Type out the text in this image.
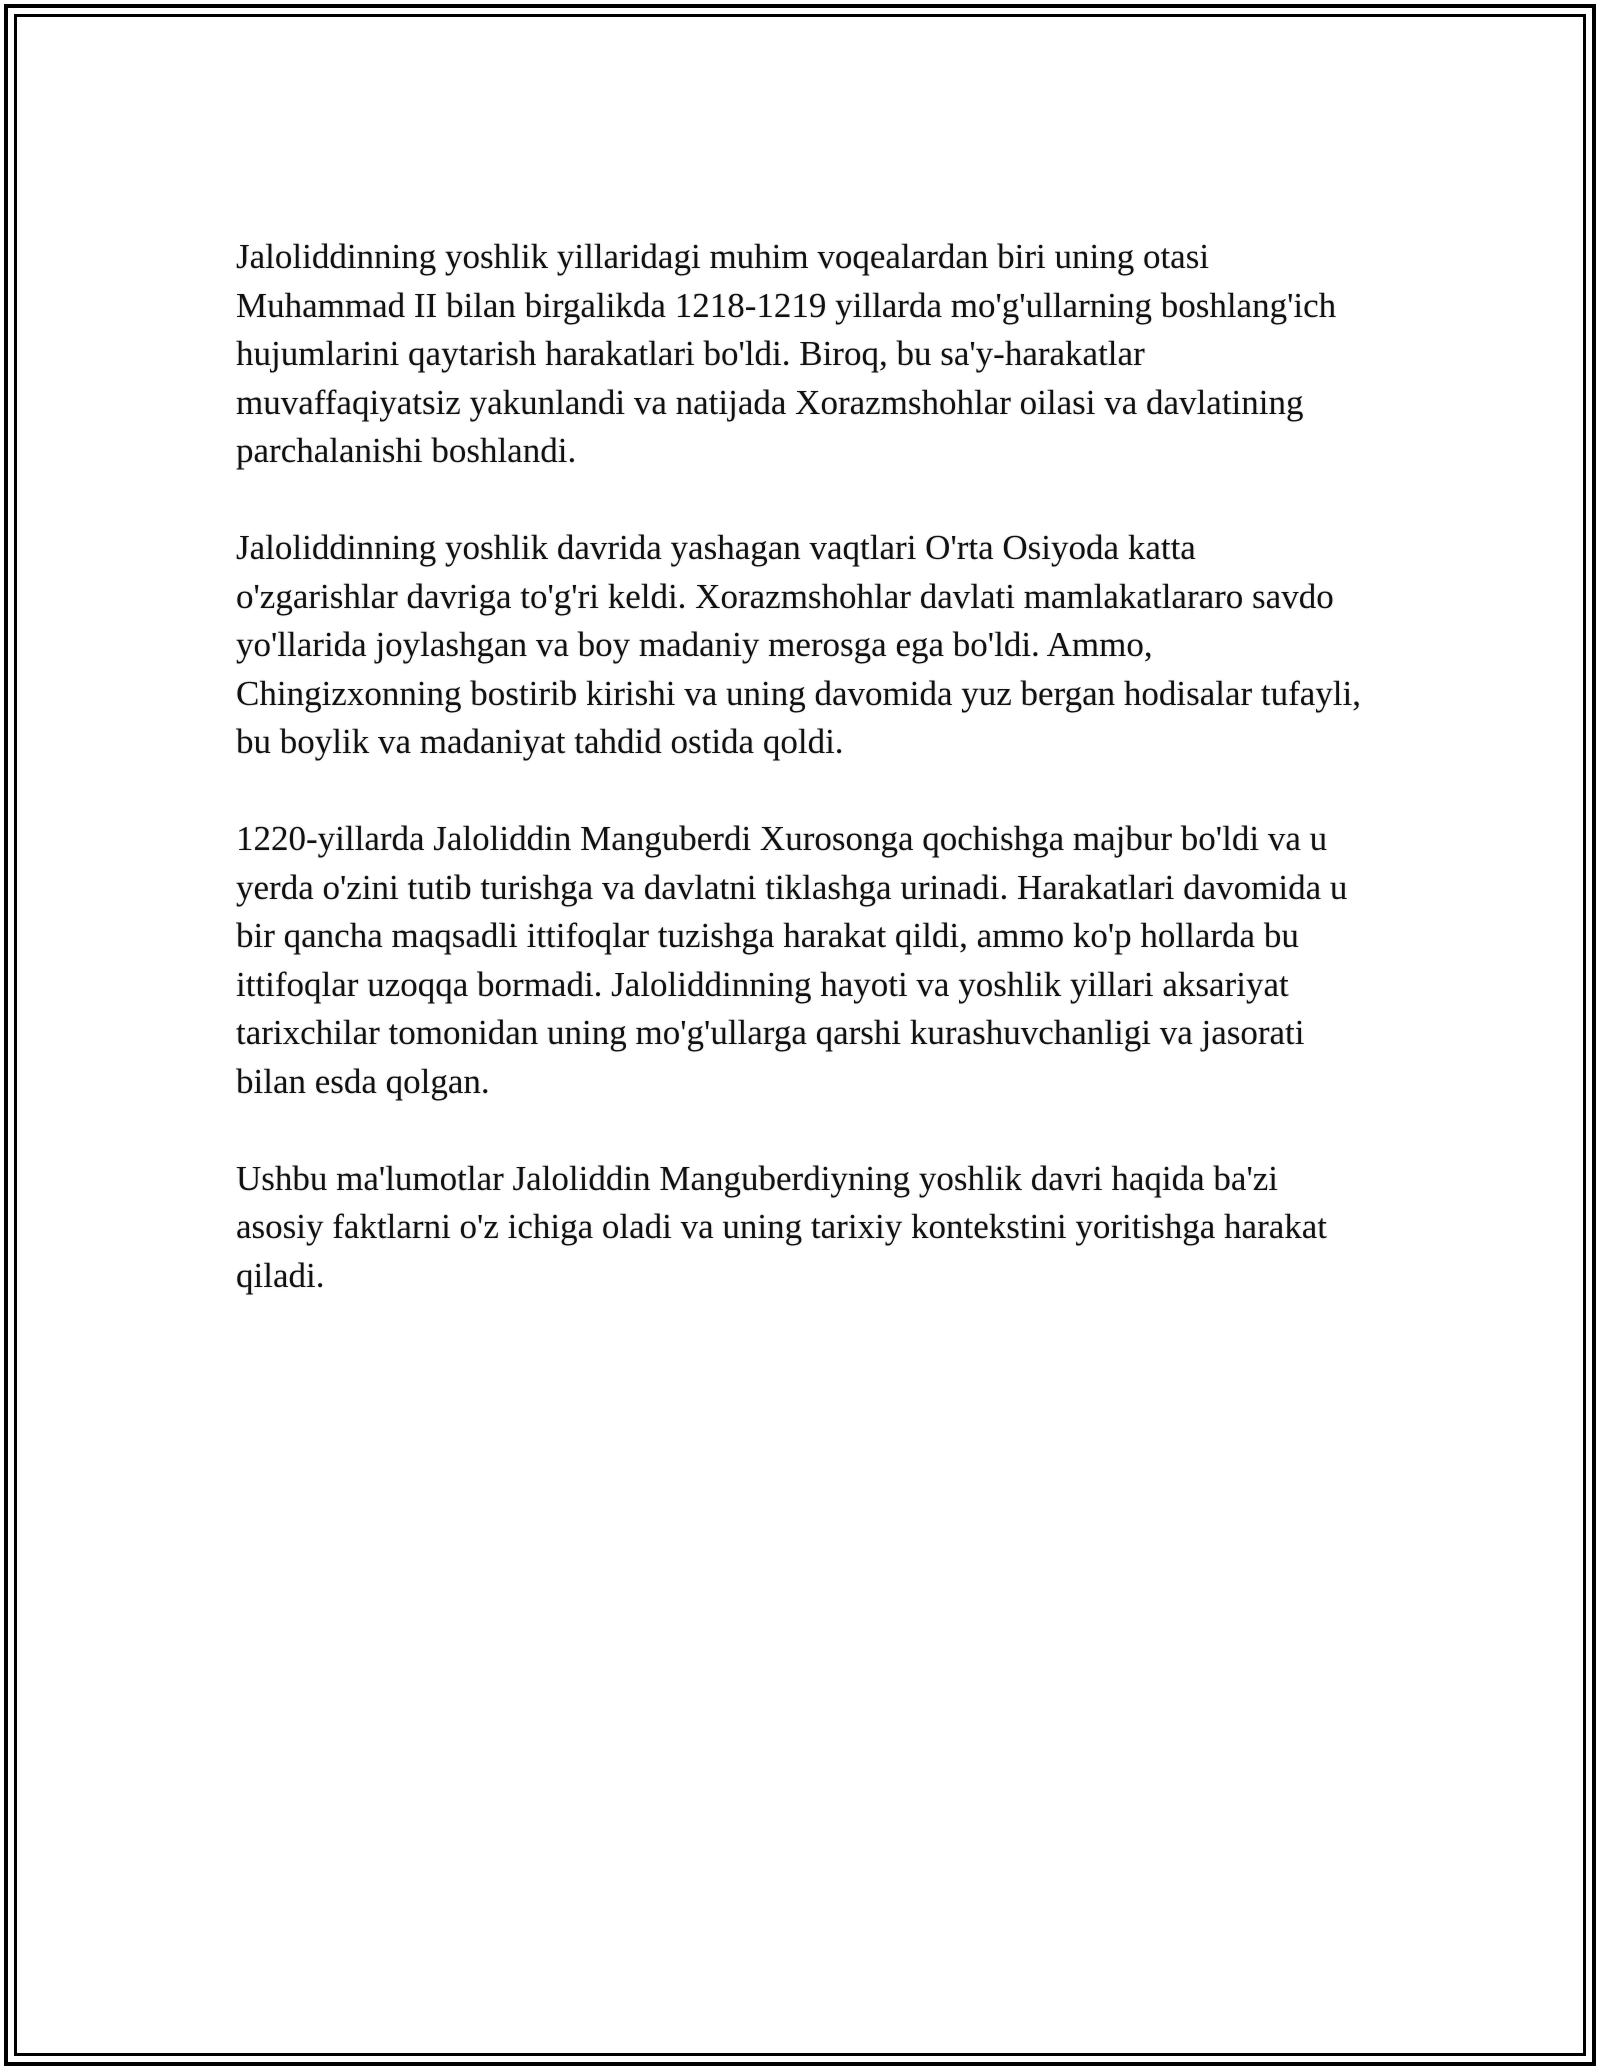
Jaloliddinning yoshlik yillaridagi muhim voqealardan biri uning otasi Muhammad II bilan birgalikda 1218-1219 yillarda mo'g'ullarning boshlang'ich hujumlarini qaytarish harakatlari bo'ldi. Biroq, bu sa'y-harakatlar muvaffaqiyatsiz yakunlandi va natijada Xorazmshohlar oilasi va davlatining parchalanishi boshlandi.

Jaloliddinning yoshlik davrida yashagan vaqtlari O'rta Osiyoda katta o'zgarishlar davriga to'g'ri keldi. Xorazmshohlar davlati mamlakatlararo savdo yo'llarida joylashgan va boy madaniy merosga ega bo'ldi. Ammo, Chingizxonning bostirib kirishi va uning davomida yuz bergan hodisalar tufayli, bu boylik va madaniyat tahdid ostida qoldi.

1220-yillarda Jaloliddin Manguberdi Xurosonga qochishga majbur bo'ldi va u yerda o'zini tutib turishga va davlatni tiklashga urinadi. Harakatlari davomida u bir qancha maqsadli ittifoqlar tuzishga harakat qildi, ammo ko'p hollarda bu ittifoqlar uzoqqa bormadi. Jaloliddinning hayoti va yoshlik yillari aksariyat tarixchilar tomonidan uning mo'g'ullarga qarshi kurashuvchanligi va jasorati bilan esda qolgan.

Ushbu ma'lumotlar Jaloliddin Manguberdiyning yoshlik davri haqida ba'zi asosiy faktlarni o'z ichiga oladi va uning tarixiy kontekstini yoritishga harakat qiladi.
